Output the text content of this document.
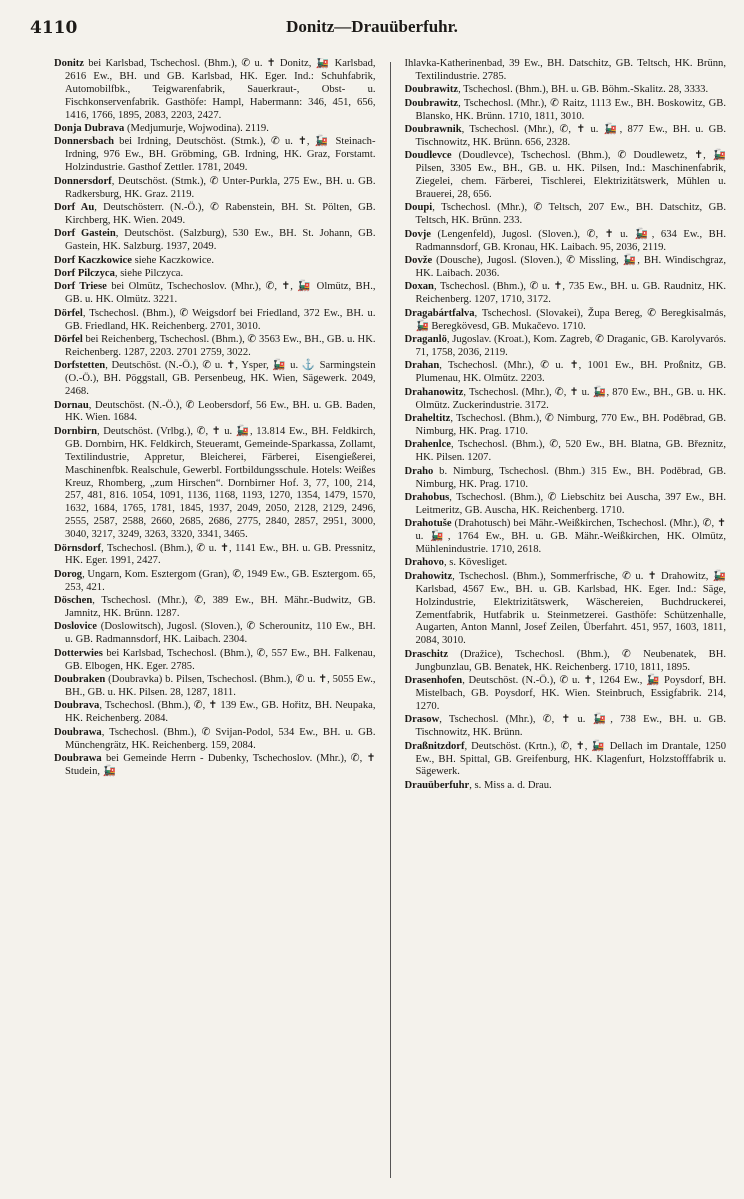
4110	Donitz—Drauüberfuhr.

Donitz bei Karlsbad, Tschechosl. (Bhm.), ✆ u. ✝ Donitz, 🚂 Karlsbad, 2616 Ew., BH. und GB. Karlsbad, HK. Eger. Ind.: Schuhfabrik, Automobilfbk., Teigwarenfabrik, Sauerkraut-, Obst- u. Fischkonservenfabrik. Gasthöfe: Hampl, Habermann: 346, 451, 656, 1416, 1766, 1895, 2083, 2203, 2427.

Donja Dubrava (Medjumurje, Wojwodina). 2119.

Donnersbach bei Irdning, Deutschöst. (Stmk.), ✆ u. ✝, 🚂 Steinach-Irdning, 976 Ew., BH. Gröbming, GB. Irdning, HK. Graz, Forstamt. Holzindustrie. Gasthof Zettler. 1781, 2049.

Donnersdorf, Deutschöst. (Stmk.), ✆ Unter-Purkla, 275 Ew., BH. u. GB. Radkersburg, HK. Graz. 2119.

Dorf Au, Deutschösterr. (N.-Ö.), ✆ Rabenstein, BH. St. Pölten, GB. Kirchberg, HK. Wien. 2049.

Dorf Gastein, Deutschöst. (Salzburg), 530 Ew., BH. St. Johann, GB. Gastein, HK. Salzburg. 1937, 2049.

Dorf Kaczkowice siehe Kaczkowice.

Dorf Pilczyca, siehe Pilczyca.

Dorf Triese bei Olmütz, Tschechoslov. (Mhr.), ✆, ✝, 🚂 Olmütz, BH., GB. u. HK. Olmütz. 3221.

Dörfel, Tschechosl. (Bhm.), ✆ Weigsdorf bei Friedland, 372 Ew., BH. u. GB. Friedland, HK. Reichenberg. 2701, 3010.

Dörfel bei Reichenberg, Tschechosl. (Bhm.), ✆ 3563 Ew., BH., GB. u. HK. Reichenberg. 1287, 2203. 2701 2759, 3022.

Dorfstetten, Deutschöst. (N.-Ö.), ✆ u. ✝, Ysper, 🚂 u. ⚓ Sarmingstein (O.-Ö.), BH. Pöggstall, GB. Persenbeug, HK. Wien, Sägewerk. 2049, 2468.

Dornau, Deutschöst. (N.-Ö.), ✆ Leobersdorf, 56 Ew., BH. u. GB. Baden, HK. Wien. 1684.

Dornbirn, Deutschöst. (Vrlbg.), ✆, ✝ u. 🚂, 13.814 Ew., BH. Feldkirch, GB. Dornbirn, HK. Feldkirch, Steueramt, Gemeinde-Sparkassa, Zollamt, Textilindustrie, Appretur, Bleicherei, Färberei, Eisengießerei, Maschinenfbk. Realschule, Gewerbl. Fortbildungsschule. Hotels: Weißes Kreuz, Rhomberg, „zum Hirschen“. Dornbirner Hof. 3, 77, 100, 214, 257, 481, 816. 1054, 1091, 1136, 1168, 1193, 1270, 1354, 1479, 1570, 1632, 1684, 1765, 1781, 1845, 1937, 2049, 2050, 2128, 2129, 2496, 2555, 2587, 2588, 2660, 2685, 2686, 2775, 2840, 2857, 2951, 3000, 3040, 3217, 3249, 3263, 3320, 3341, 3465.

Dörnsdorf, Tschechosl. (Bhm.), ✆ u. ✝, 1141 Ew., BH. u. GB. Pressnitz, HK. Eger. 1991, 2427.

Dorog, Ungarn, Kom. Esztergom (Gran), ✆, 1949 Ew., GB. Esztergom. 65, 253, 421.

Döschen, Tschechosl. (Mhr.), ✆, 389 Ew., BH. Mähr.-Budwitz, GB. Jamnitz, HK. Brünn. 1287.

Doslovice (Doslowitsch), Jugosl. (Sloven.), ✆ Scherounitz, 110 Ew., BH. u. GB. Radmannsdorf, HK. Laibach. 2304.

Dotterwies bei Karlsbad, Tschechosl. (Bhm.), ✆, 557 Ew., BH. Falkenau, GB. Elbogen, HK. Eger. 2785.

Doubraken (Doubravka) b. Pilsen, Tschechosl. (Bhm.), ✆ u. ✝, 5055 Ew., BH., GB. u. HK. Pilsen. 28, 1287, 1811.

Doubrava, Tschechosl. (Bhm.), ✆, ✝ 139 Ew., GB. Hořitz, BH. Neupaka, HK. Reichenberg. 2084.

Doubrawa, Tschechosl. (Bhm.), ✆ Svijan-Podol, 534 Ew., BH. u. GB. Münchengrätz, HK. Reichenberg. 159, 2084.

Doubrawa bei Gemeinde Herrn - Dubenky, Tschechoslov. (Mhr.), ✆, ✝ Studein, 🚂

Ihlavka-Katherinenbad, 39 Ew., BH. Datschitz, GB. Teltsch, HK. Brünn, Textilindustrie. 2785.

Doubrawitz, Tschechosl. (Bhm.), BH. u. GB. Böhm.-Skalitz. 28, 3333.

Doubrawitz, Tschechosl. (Mhr.), ✆ Raitz, 1113 Ew., BH. Boskowitz, GB. Blansko, HK. Brünn. 1710, 1811, 3010.

Doubrawnik, Tschechosl. (Mhr.), ✆, ✝ u. 🚂, 877 Ew., BH. u. GB. Tischnowitz, HK. Brünn. 656, 2328.

Doudlevce (Doudlevce), Tschechosl. (Bhm.), ✆ Doudlewetz, ✝, 🚂 Pilsen, 3305 Ew., BH., GB. u. HK. Pilsen, Ind.: Maschinenfabrik, Ziegelei, chem. Färberei, Tischlerei, Elektrizitätswerk, Mühlen u. Brauerei, 28, 656.

Doupi, Tschechosl. (Mhr.), ✆ Teltsch, 207 Ew., BH. Datschitz, GB. Teltsch, HK. Brünn. 233.

Dovje (Lengenfeld), Jugosl. (Sloven.), ✆, ✝ u. 🚂, 634 Ew., BH. Radmannsdorf, GB. Kronau, HK. Laibach. 95, 2036, 2119.

Dovže (Dousche), Jugosl. (Sloven.), ✆ Missling, 🚂, BH. Windischgraz, HK. Laibach. 2036.

Doxan, Tschechosl. (Bhm.), ✆ u. ✝, 735 Ew., BH. u. GB. Raudnitz, HK. Reichenberg. 1207, 1710, 3172.

Dragabártfalva, Tschechosl. (Slovakei), Župa Bereg, ✆ Beregkisalmás, 🚂 Beregkövesd, GB. Mukačevo. 1710.

Draganlö, Jugoslav. (Kroat.), Kom. Zagreb, ✆ Draganic, GB. Karolyvarós. 71, 1758, 2036, 2119.

Drahan, Tschechosl. (Mhr.), ✆ u. ✝, 1001 Ew., BH. Proßnitz, GB. Plumenau, HK. Olmütz. 2203.

Drahanowitz, Tschechosl. (Mhr.), ✆, ✝ u. 🚂, 870 Ew., BH., GB. u. HK. Olmütz. Zuckerindustrie. 3172.

Draheltitz, Tschechosl. (Bhm.), ✆ Nimburg, 770 Ew., BH. Poděbrad, GB. Nimburg, HK. Prag. 1710.

Drahenlce, Tschechosl. (Bhm.), ✆, 520 Ew., BH. Blatna, GB. Březnitz, HK. Pilsen. 1207.

Draho b. Nimburg, Tschechosl. (Bhm.) 315 Ew., BH. Poděbrad, GB. Nimburg, HK. Prag. 1710.

Drahobus, Tschechosl. (Bhm.), ✆ Liebschitz bei Auscha, 397 Ew., BH. Leitmeritz, GB. Auscha, HK. Reichenberg. 1710.

Drahotuše (Drahotusch) bei Mähr.-Weißkirchen, Tschechosl. (Mhr.), ✆, ✝ u. 🚂, 1764 Ew., BH. u. GB. Mähr.-Weißkirchen, HK. Olmütz, Mühlenindustrie. 1710, 2618.

Drahovo, s. Kövesliget.

Drahowitz, Tschechosl. (Bhm.), Sommerfrische, ✆ u. ✝ Drahowitz, 🚂 Karlsbad, 4567 Ew., BH. u. GB. Karlsbad, HK. Eger. Ind.: Säge, Holzindustrie, Elektrizitätswerk, Wäschereien, Buchdruckerei, Zementfabrik, Hutfabrik u. Steinmetzerei. Gasthöfe: Schützenhalle, Augarten, Anton Mannl, Josef Zeilen, Überfahrt. 451, 957, 1603, 1811, 2084, 3010.

Draschitz (Dražice), Tschechosl. (Bhm.), ✆ Neubenatek, BH. Jungbunzlau, GB. Benatek, HK. Reichenberg. 1710, 1811, 1895.

Drasenhofen, Deutschöst. (N.-Ö.), ✆ u. ✝, 1264 Ew., 🚂 Poysdorf, BH. Mistelbach, GB. Poysdorf, HK. Wien. Steinbruch, Essigfabrik. 214, 1270.

Drasow, Tschechosl. (Mhr.), ✆, ✝ u. 🚂, 738 Ew., BH. u. GB. Tischnowitz, HK. Brünn.

Draßnitzdorf, Deutschöst. (Krtn.), ✆, ✝, 🚂 Dellach im Drantale, 1250 Ew., BH. Spittal, GB. Greifenburg, HK. Klagenfurt, Holzstofffabrik u. Sägewerk.

Drauüberfuhr, s. Miss a. d. Drau.
